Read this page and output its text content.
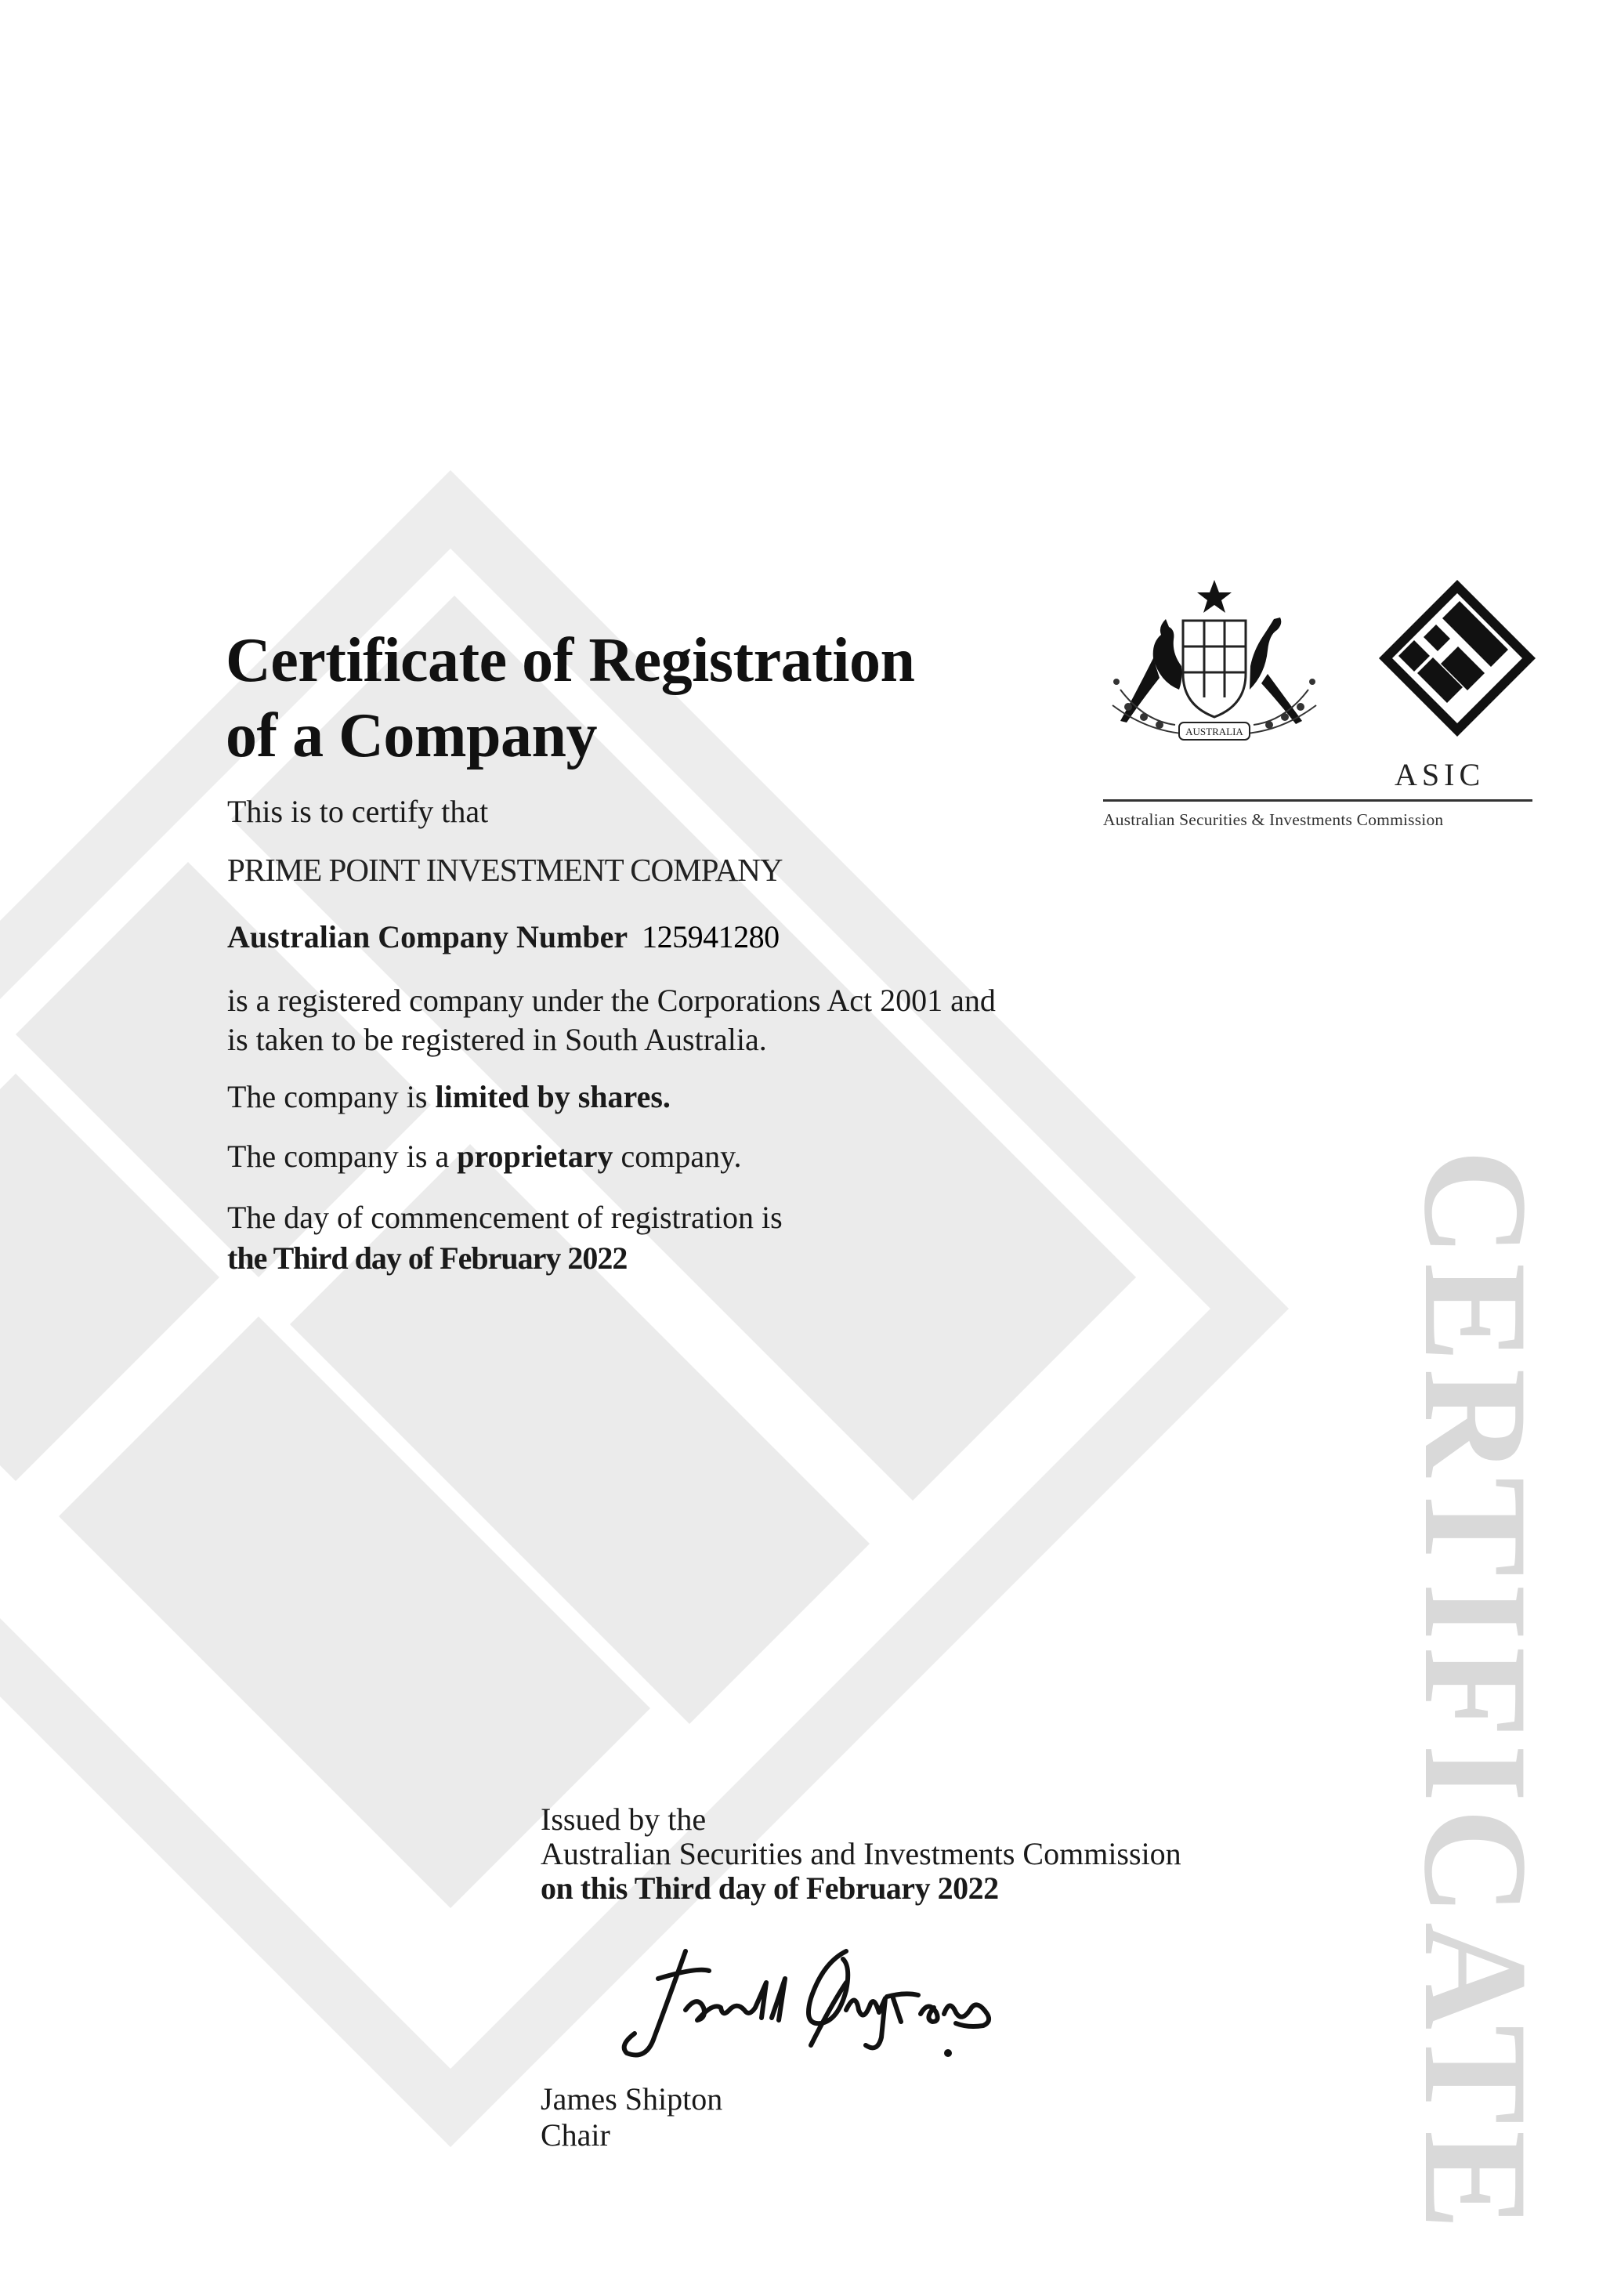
CERTIFICATE
AUSTRALIA
ASIC
Australian Securities & Investments Commission
Certificate of Registration
of a Company
This is to certify that
PRIME POINT INVESTMENT COMPANY
Australian Company Number 125941280
is a registered company under the Corporations Act 2001 and
is taken to be registered in South Australia.
The company is limited by shares.
The company is a proprietary company.
The day of commencement of registration is
the Third day of February 2022
Issued by the
Australian Securities and Investments Commission
on this Third day of February 2022
James Shipton
Chair
